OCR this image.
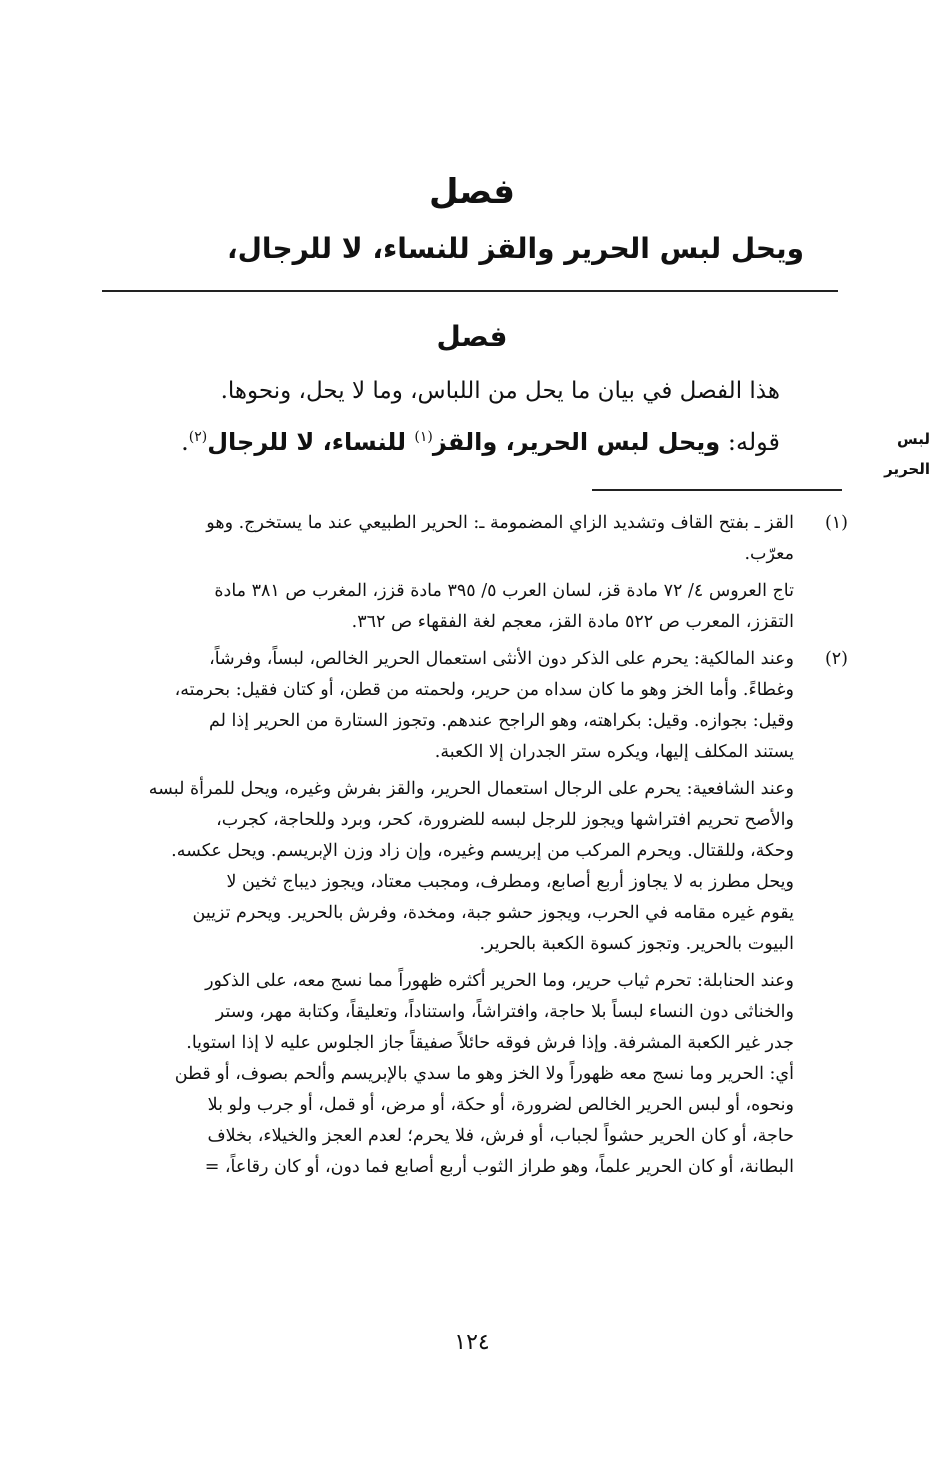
فصل
ويحل لبس الحرير والقز للنساء، لا للرجال،
فصل
هذا الفصل في بيان ما يحل من اللباس، وما لا يحل، ونحوها.
قوله: ويحل لبس الحرير، والقز$^{(١)}$ للنساء، لا للرجال$^{(٢)}$.	لبس
الحرير
(١)
القز ـ بفتح القاف وتشديد الزاي المضمومة ـ: الحرير الطبيعي عند ما يستخرج. وهو
معرّب.
تاج العروس ٤/ ٧٢ مادة قز، لسان العرب ٥/ ٣٩٥ مادة قزز، المغرب ص ٣٨١ مادة
التقزز، المعرب ص ٥٢٢ مادة القز، معجم لغة الفقهاء ص ٣٦٢.
(٢)
وعند المالكية: يحرم على الذكر دون الأنثى استعمال الحرير الخالص، لبساً، وفرشاً،
وغطاءً. وأما الخز وهو ما كان سداه من حرير، ولحمته من قطن، أو كتان فقيل: بحرمته،
وقيل: بجوازه. وقيل: بكراهته، وهو الراجح عندهم. وتجوز الستارة من الحرير إذا لم
يستند المكلف إليها، ويكره ستر الجدران إلا الكعبة.
وعند الشافعية: يحرم على الرجال استعمال الحرير، والقز بفرش وغيره، ويحل للمرأة لبسه
والأصح تحريم افتراشها ويجوز للرجل لبسه للضرورة، كحر، وبرد وللحاجة، كجرب،
وحكة، وللقتال. ويحرم المركب من إبريسم وغيره، وإن زاد وزن الإبريسم. ويحل عكسه.
ويحل مطرز به لا يجاوز أربع أصابع، ومطرف، ومجبب معتاد، ويجوز ديباج ثخين لا
يقوم غيره مقامه في الحرب، ويجوز حشو جبة، ومخدة، وفرش بالحرير. ويحرم تزيين
البيوت بالحرير. وتجوز كسوة الكعبة بالحرير.
وعند الحنابلة: تحرم ثياب حرير، وما الحرير أكثره ظهوراً مما نسج معه، على الذكور
والخناثى دون النساء لبساً بلا حاجة، وافتراشاً، واستناداً، وتعليقاً، وكتابة مهر، وستر
جدر غير الكعبة المشرفة. وإذا فرش فوقه حائلاً صفيقاً جاز الجلوس عليه لا إذا استويا.
أي: الحرير وما نسج معه ظهوراً ولا الخز وهو ما سدي بالإبريسم وألحم بصوف، أو قطن
ونحوه، أو لبس الحرير الخالص لضرورة، أو حكة، أو مرض، أو قمل، أو جرب ولو بلا
حاجة، أو كان الحرير حشواً لجباب، أو فرش، فلا يحرم؛ لعدم العجز والخيلاء، بخلاف
البطانة، أو كان الحرير علماً، وهو طراز الثوب أربع أصابع فما دون، أو كان رقاعاً، =
١٢٤
